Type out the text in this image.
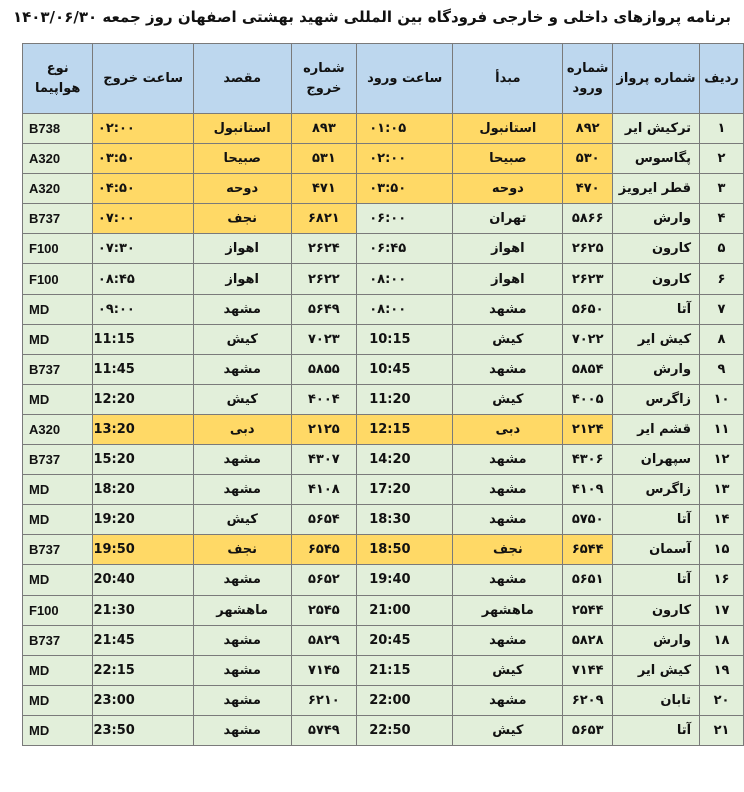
برنامه پروازهای داخلی و خارجی فرودگاه بین المللی شهید بهشتی اصفهان روز جمعه ۱۴۰۳/۰۶/۳۰
ردیف	شماره پرواز	شماره ورود	مبدأ	ساعت ورود	شماره خروج	مقصد	ساعت خروج	نوع هواپیما
۱	ترکیش ایر	۸۹۲	استانبول	۰۱:۰۵	۸۹۳	استانبول	۰۲:۰۰	B738
۲	پگاسوس	۵۳۰	صبیحا	۰۲:۰۰	۵۳۱	صبیحا	۰۳:۵۰	A320
۳	قطر ایرویز	۴۷۰	دوحه	۰۳:۵۰	۴۷۱	دوحه	۰۴:۵۰	A320
۴	وارش	۵۸۶۶	تهران	۰۶:۰۰	۶۸۲۱	نجف	۰۷:۰۰	B737
۵	کارون	۲۶۲۵	اهواز	۰۶:۴۵	۲۶۲۴	اهواز	۰۷:۳۰	F100
۶	کارون	۲۶۲۳	اهواز	۰۸:۰۰	۲۶۲۲	اهواز	۰۸:۴۵	F100
۷	آتا	۵۶۵۰	مشهد	۰۸:۰۰	۵۶۴۹	مشهد	۰۹:۰۰	MD
۸	کیش ایر	۷۰۲۲	کیش	10:15	۷۰۲۳	کیش	11:15	MD
۹	وارش	۵۸۵۴	مشهد	10:45	۵۸۵۵	مشهد	11:45	B737
۱۰	زاگرس	۴۰۰۵	کیش	11:20	۴۰۰۴	کیش	12:20	MD
۱۱	قشم ایر	۲۱۲۴	دبی	12:15	۲۱۲۵	دبی	13:20	A320
۱۲	سپهران	۴۳۰۶	مشهد	14:20	۴۳۰۷	مشهد	15:20	B737
۱۳	زاگرس	۴۱۰۹	مشهد	17:20	۴۱۰۸	مشهد	18:20	MD
۱۴	آتا	۵۷۵۰	مشهد	18:30	۵۶۵۴	کیش	19:20	MD
۱۵	آسمان	۶۵۴۴	نجف	18:50	۶۵۴۵	نجف	19:50	B737
۱۶	آتا	۵۶۵۱	مشهد	19:40	۵۶۵۲	مشهد	20:40	MD
۱۷	کارون	۲۵۴۴	ماهشهر	21:00	۲۵۴۵	ماهشهر	21:30	F100
۱۸	وارش	۵۸۲۸	مشهد	20:45	۵۸۲۹	مشهد	21:45	B737
۱۹	کیش ایر	۷۱۴۴	کیش	21:15	۷۱۴۵	مشهد	22:15	MD
۲۰	تابان	۶۲۰۹	مشهد	22:00	۶۲۱۰	مشهد	23:00	MD
۲۱	آتا	۵۶۵۳	کیش	22:50	۵۷۴۹	مشهد	23:50	MD
